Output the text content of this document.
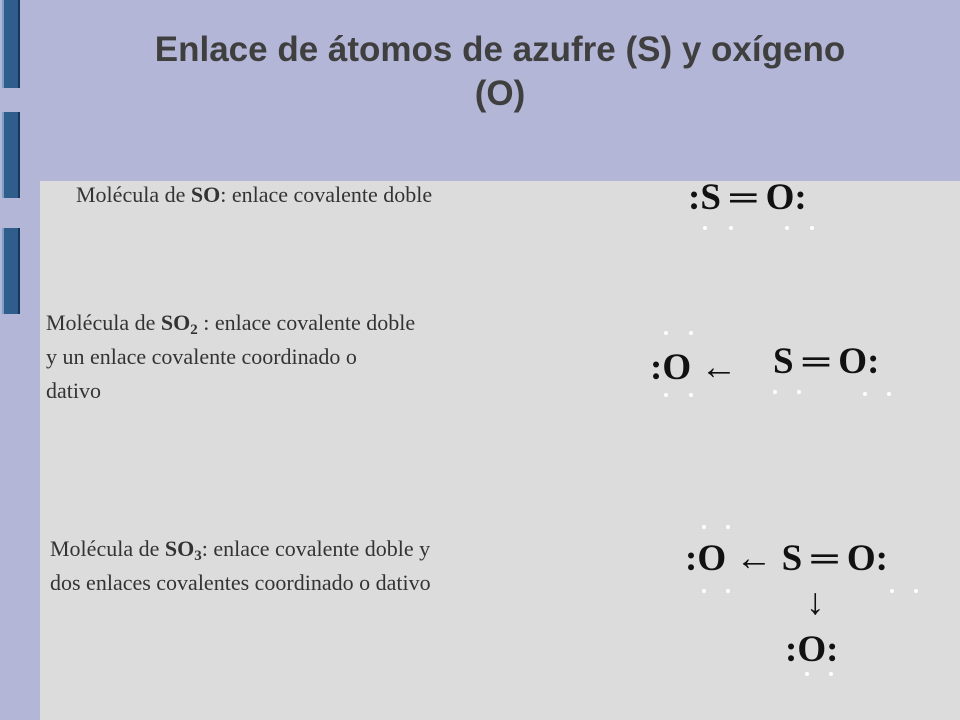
Enlace de átomos de azufre (S) y oxígeno
(O)
Molécula de SO: enlace covalente doble	:S ═ O:
Molécula de $SO_2$ : enlace covalente doble
y un enlace covalente coordinado o
dativo
:O ← S ═ O:
Molécula de $SO_3$: enlace covalente doble y
dos enlaces covalentes coordinado o dativo
:O ← S ═ O:
↓
:O:
